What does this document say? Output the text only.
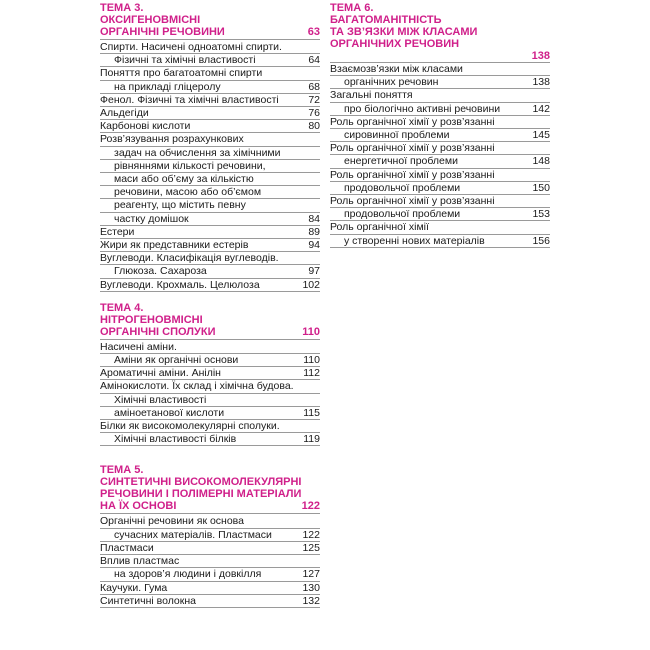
ТЕМА 3.
ОКСИГЕНОВМІСНІ
ОРГАНІЧНІ РЕЧОВИНИ	63
Спирти. Насичені одноатомні спирти.
Фізичні та хімічні властивості	64
Поняття про багатоатомні спирти
на прикладі гліцеролу	68
Фенол. Фізичні та хімічні властивості	72
Альдегіди	76
Карбонові кислоти	80
Розв’язування розрахункових
задач на обчислення за хімічними
рівняннями кількості речовини,
маси або об’єму за кількістю
речовини, масою або об’ємом
реагенту, що містить певну
частку домішок	84
Естери	89
Жири як представники естерів	94
Вуглеводи. Класифікація вуглеводів.
Глюкоза. Сахароза	97
Вуглеводи. Крохмаль. Целюлоза	102
ТЕМА 4.
НІТРОГЕНОВМІСНІ
ОРГАНІЧНІ СПОЛУКИ	110
Насичені аміни.
Аміни як органічні основи	110
Ароматичні аміни. Анілін	112
Амінокислоти. Їх склад і хімічна будова.
Хімічні властивості
аміноетанової кислоти	115
Білки як високомолекулярні сполуки.
Хімічні властивості білків	119
ТЕМА 5.
СИНТЕТИЧНІ ВИСОКОМОЛЕКУЛЯРНІ
РЕЧОВИНИ І ПОЛІМЕРНІ МАТЕРІАЛИ
НА ЇХ ОСНОВІ	122
Органічні речовини як основа
сучасних матеріалів. Пластмаси	122
Пластмаси	125
Вплив пластмас
на здоров’я людини і довкілля	127
Каучуки. Гума	130
Синтетичні волокна	132
ТЕМА 6.
БАГАТОМАНІТНІСТЬ
ТА ЗВ’ЯЗКИ МІЖ КЛАСАМИ
ОРГАНІЧНИХ РЕЧОВИН
138
Взаємозв’язки між класами
органічних речовин	138
Загальні поняття
про біологічно активні речовини	142
Роль органічної хімії у розв’язанні
сировинної проблеми	145
Роль органічної хімії у розв’язанні
енергетичної проблеми	148
Роль органічної хімії у розв’язанні
продовольчої проблеми	150
Роль органічної хімії у розв’язанні
продовольчої проблеми	153
Роль органічної хімії
у створенні нових матеріалів	156
